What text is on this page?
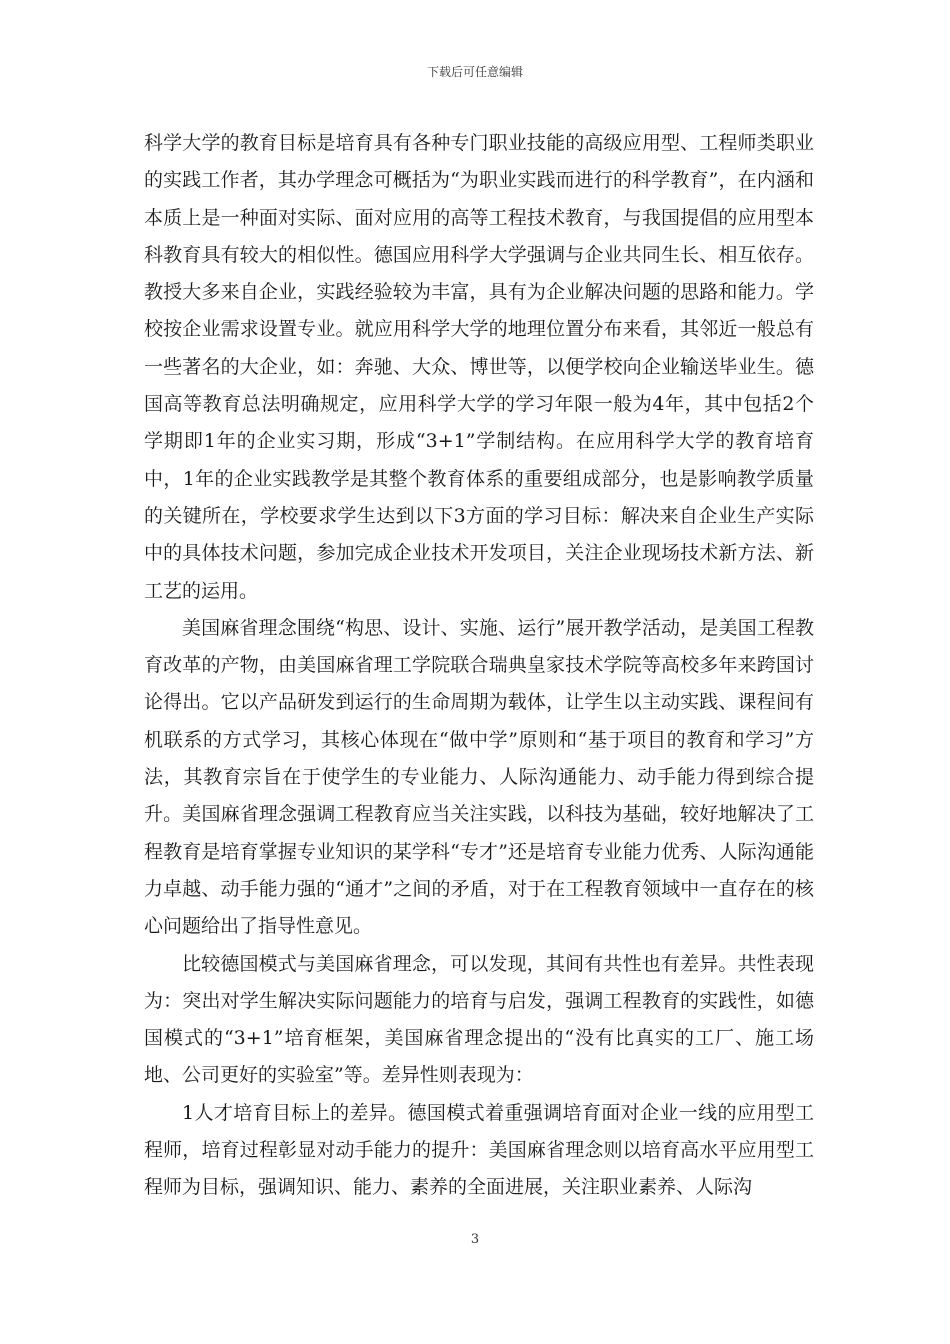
下载后可任意编辑

科学大学的教育目标是培育具有各种专门职业技能的高级应用型、工程师类职业的实践工作者，其办学理念可概括为“为职业实践而进行的科学教育”，在内涵和本质上是一种面对实际、面对应用的高等工程技术教育，与我国提倡的应用型本科教育具有较大的相似性。德国应用科学大学强调与企业共同生长、相互依存。教授大多来自企业，实践经验较为丰富，具有为企业解决问题的思路和能力。学校按企业需求设置专业。就应用科学大学的地理位置分布来看，其邻近一般总有一些著名的大企业，如：奔驰、大众、博世等，以便学校向企业输送毕业生。德国高等教育总法明确规定，应用科学大学的学习年限一般为4年，其中包括2个学期即1年的企业实习期，形成“3+1”学制结构。在应用科学大学的教育培育中，1年的企业实践教学是其整个教育体系的重要组成部分，也是影响教学质量的关键所在，学校要求学生达到以下3方面的学习目标：解决来自企业生产实际中的具体技术问题，参加完成企业技术开发项目，关注企业现场技术新方法、新工艺的运用。

美国麻省理念围绕“构思、设计、实施、运行”展开教学活动，是美国工程教育改革的产物，由美国麻省理工学院联合瑞典皇家技术学院等高校多年来跨国讨论得出。它以产品研发到运行的生命周期为载体，让学生以主动实践、课程间有机联系的方式学习，其核心体现在“做中学”原则和“基于项目的教育和学习”方法，其教育宗旨在于使学生的专业能力、人际沟通能力、动手能力得到综合提升。美国麻省理念强调工程教育应当关注实践，以科技为基础，较好地解决了工程教育是培育掌握专业知识的某学科“专才”还是培育专业能力优秀、人际沟通能力卓越、动手能力强的“通才”之间的矛盾，对于在工程教育领域中一直存在的核心问题给出了指导性意见。

比较德国模式与美国麻省理念，可以发现，其间有共性也有差异。共性表现为：突出对学生解决实际问题能力的培育与启发，强调工程教育的实践性，如德国模式的“3+1”培育框架，美国麻省理念提出的“没有比真实的工厂、施工场地、公司更好的实验室”等。差异性则表现为：

1人才培育目标上的差异。德国模式着重强调培育面对企业一线的应用型工程师，培育过程彰显对动手能力的提升：美国麻省理念则以培育高水平应用型工程师为目标，强调知识、能力、素养的全面进展，关注职业素养、人际沟

3
